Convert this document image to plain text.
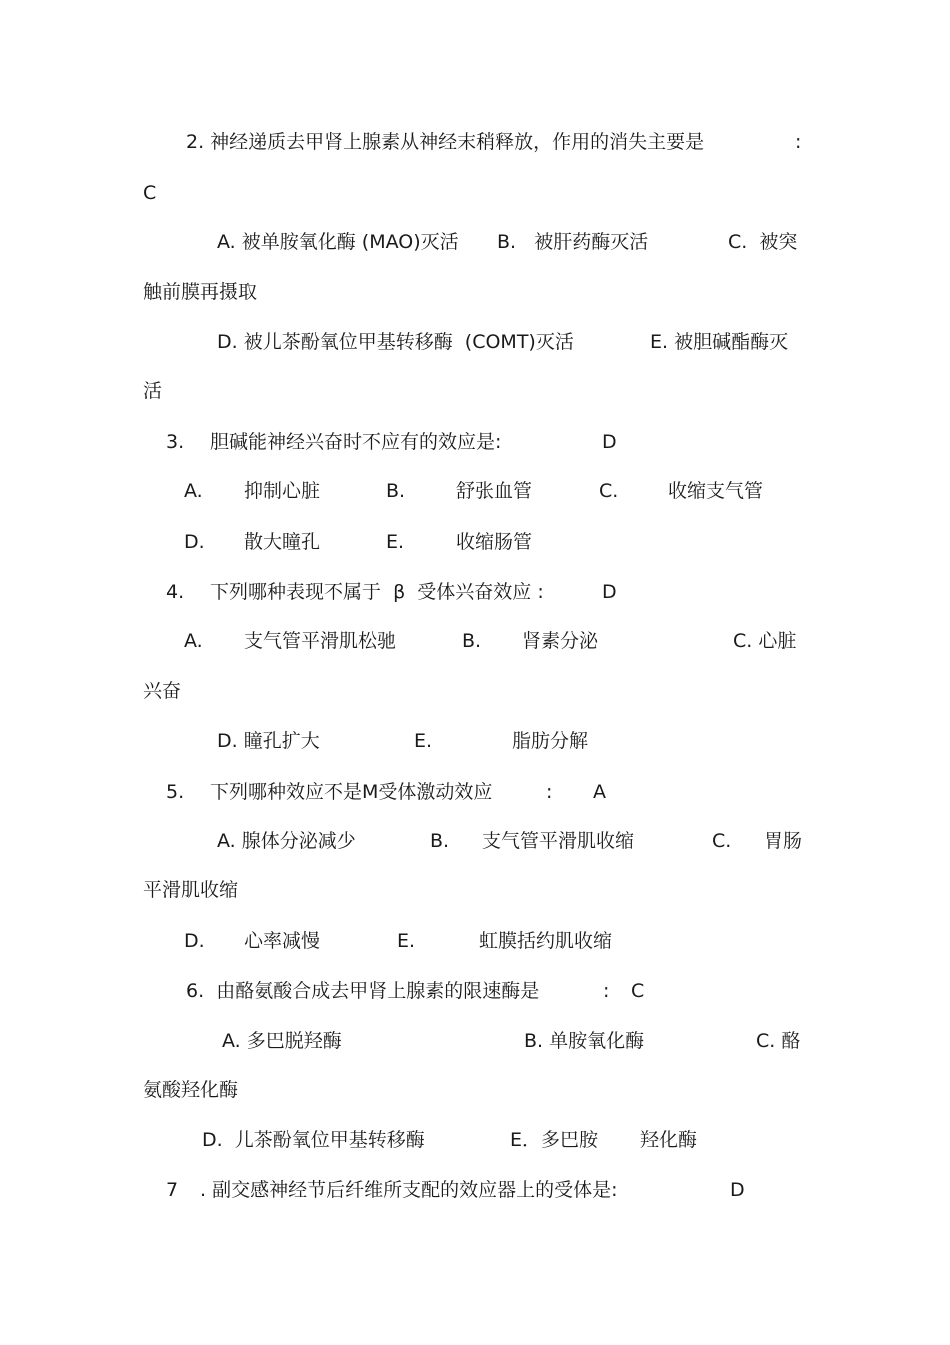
2. 神经递质去甲肾上腺素从神经末稍释放，作用的消失主要是	:
C
A. 被单胺氧化酶 (MAO)灭活 B.   被肝药酶灭活	C.  被突
触前膜再摄取
D. 被儿茶酚氧位甲基转移酶  (COMT)灭活	E. 被胆碱酯酶灭
活
3. 胆碱能神经兴奋时不应有的效应是:	D
A. 抑制心脏	B.	舒张血管	C.	收缩支气管
D. 散大瞳孔	E.	收缩肠管
4. 下列哪种表现不属于  β  受体兴奋效应 :	D
A. 支气管平滑肌松驰	B. 肾素分泌	C. 心脏
兴奋
D. 瞳孔扩大	E.	脂肪分解
5. 下列哪种效应不是M受体激动效应	: A
A. 腺体分泌减少	B. 支气管平滑肌收缩	C. 胃肠
平滑肌收缩
D. 心率减慢	E.	虹膜括约肌收缩
6.  由酪氨酸合成去甲肾上腺素的限速酶是	: C
A. 多巴脱羟酶	B. 单胺氧化酶	C. 酪
氨酸羟化酶
D.  儿茶酚氧位甲基转移酶	E．多巴胺 羟化酶
7 . 副交感神经节后纤维所支配的效应器上的受体是:	D
